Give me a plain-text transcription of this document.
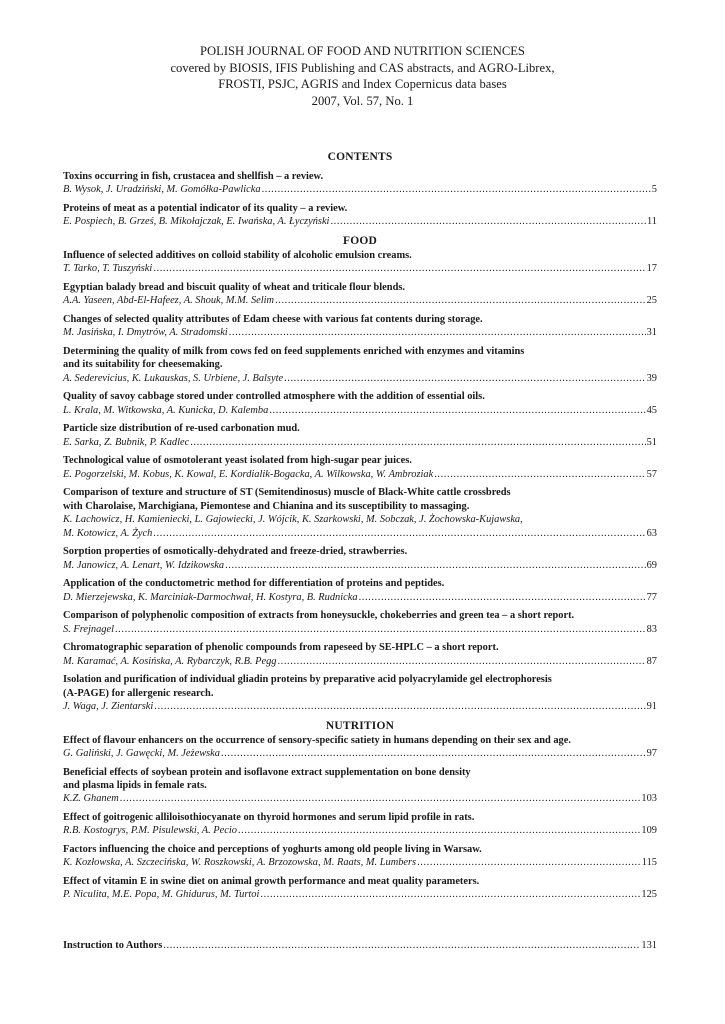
POLISH JOURNAL OF FOOD AND NUTRITION SCIENCES
covered by BIOSIS, IFIS Publishing and CAS abstracts, and AGRO-Librex,
FROSTI, PSJC, AGRIS and Index Copernicus data bases
2007, Vol. 57, No. 1
CONTENTS
Toxins occurring in fish, crustacea and shellfish – a review.
B. Wysok, J. Uradziński, M. Gomółka-Pawlicka .....	5
Proteins of meat as a potential indicator of its quality – a review.
E. Pospiech, B. Grześ, B. Mikołajczak, E. Iwańska, A. Łyczyński .....	11
FOOD
Influence of selected additives on colloid stability of alcoholic emulsion creams.
T. Tarko, T. Tuszyński .....	17
Egyptian balady bread and biscuit quality of wheat and triticale flour blends.
A.A. Yaseen, Abd-El-Hafeez, A. Shouk, M.M. Selim .....	25
Changes of selected quality attributes of Edam cheese with various fat contents during storage.
M. Jasińska, I. Dmytrów, A. Stradomski .....	31
Determining the quality of milk from cows fed on feed supplements enriched with enzymes and vitamins
and its suitability for cheesemaking.
A. Sederevicius, K. Lukauskas, S. Urbiene, J. Balsyte .....	39
Quality of savoy cabbage stored under controlled atmosphere with the addition of essential oils.
L. Krala, M. Witkowska, A. Kunicka, D. Kalemba .....	45
Particle size distribution of re-used carbonation mud.
E. Sarka, Z. Bubnik, P. Kadlec .....	51
Technological value of osmotolerant yeast isolated from high-sugar pear juices.
E. Pogorzelski, M. Kobus, K. Kowal, E. Kordialik-Bogacka, A. Wilkowska, W. Ambroziak .....	57
Comparison of texture and structure of ST (Semitendinosus) muscle of Black-White cattle crossbreds
with Charolaise, Marchigiana, Piemontese and Chianina and its susceptibility to massaging.
K. Lachowicz, H. Kamieniecki, L. Gajowiecki, J. Wójcik, K. Szarkowski, M. Sobczak, J. Żochowska-Kujawska,
M. Kotowicz, A. Żych .....	63
Sorption properties of osmotically-dehydrated and freeze-dried, strawberries.
M. Janowicz, A. Lenart, W. Idzikowska .....	69
Application of the conductometric method for differentiation of proteins and peptides.
D. Mierzejewska, K. Marciniak-Darmochwał, H. Kostyra, B. Rudnicka .....	77
Comparison of polyphenolic composition of extracts from honeysuckle, chokeberries and green tea – a short report.
S. Frejnagel .....	83
Chromatographic separation of phenolic compounds from rapeseed by SE-HPLC – a short report.
M. Karamać, A. Kosińska, A. Rybarczyk, R.B. Pegg .....	87
Isolation and purification of individual gliadin proteins by preparative acid polyacrylamide gel electrophoresis
(A-PAGE) for allergenic research.
J. Waga, J. Zientarski .....	91
NUTRITION
Effect of flavour enhancers on the occurrence of sensory-specific satiety in humans depending on their sex and age.
G. Galiński, J. Gawęcki, M. Jeżewska .....	97
Beneficial effects of soybean protein and isoflavone extract supplementation on bone density
and plasma lipids in female rats.
K.Z. Ghanem .....	103
Effect of goitrogenic alliloisothiocyanate on thyroid hormones and serum lipid profile in rats.
R.B. Kostogrys, P.M. Pisulewski, A. Pecio .....	109
Factors influencing the choice and perceptions of yoghurts among old people living in Warsaw.
K. Kozłowska, A. Szczecińska, W. Roszkowski, A. Brzozowska, M. Raats, M. Lumbers .....	115
Effect of vitamin E in swine diet on animal growth performance and meat quality parameters.
P. Niculita, M.E. Popa, M. Ghidurus, M. Turtoi .....	125
Instruction to Authors .....	131
